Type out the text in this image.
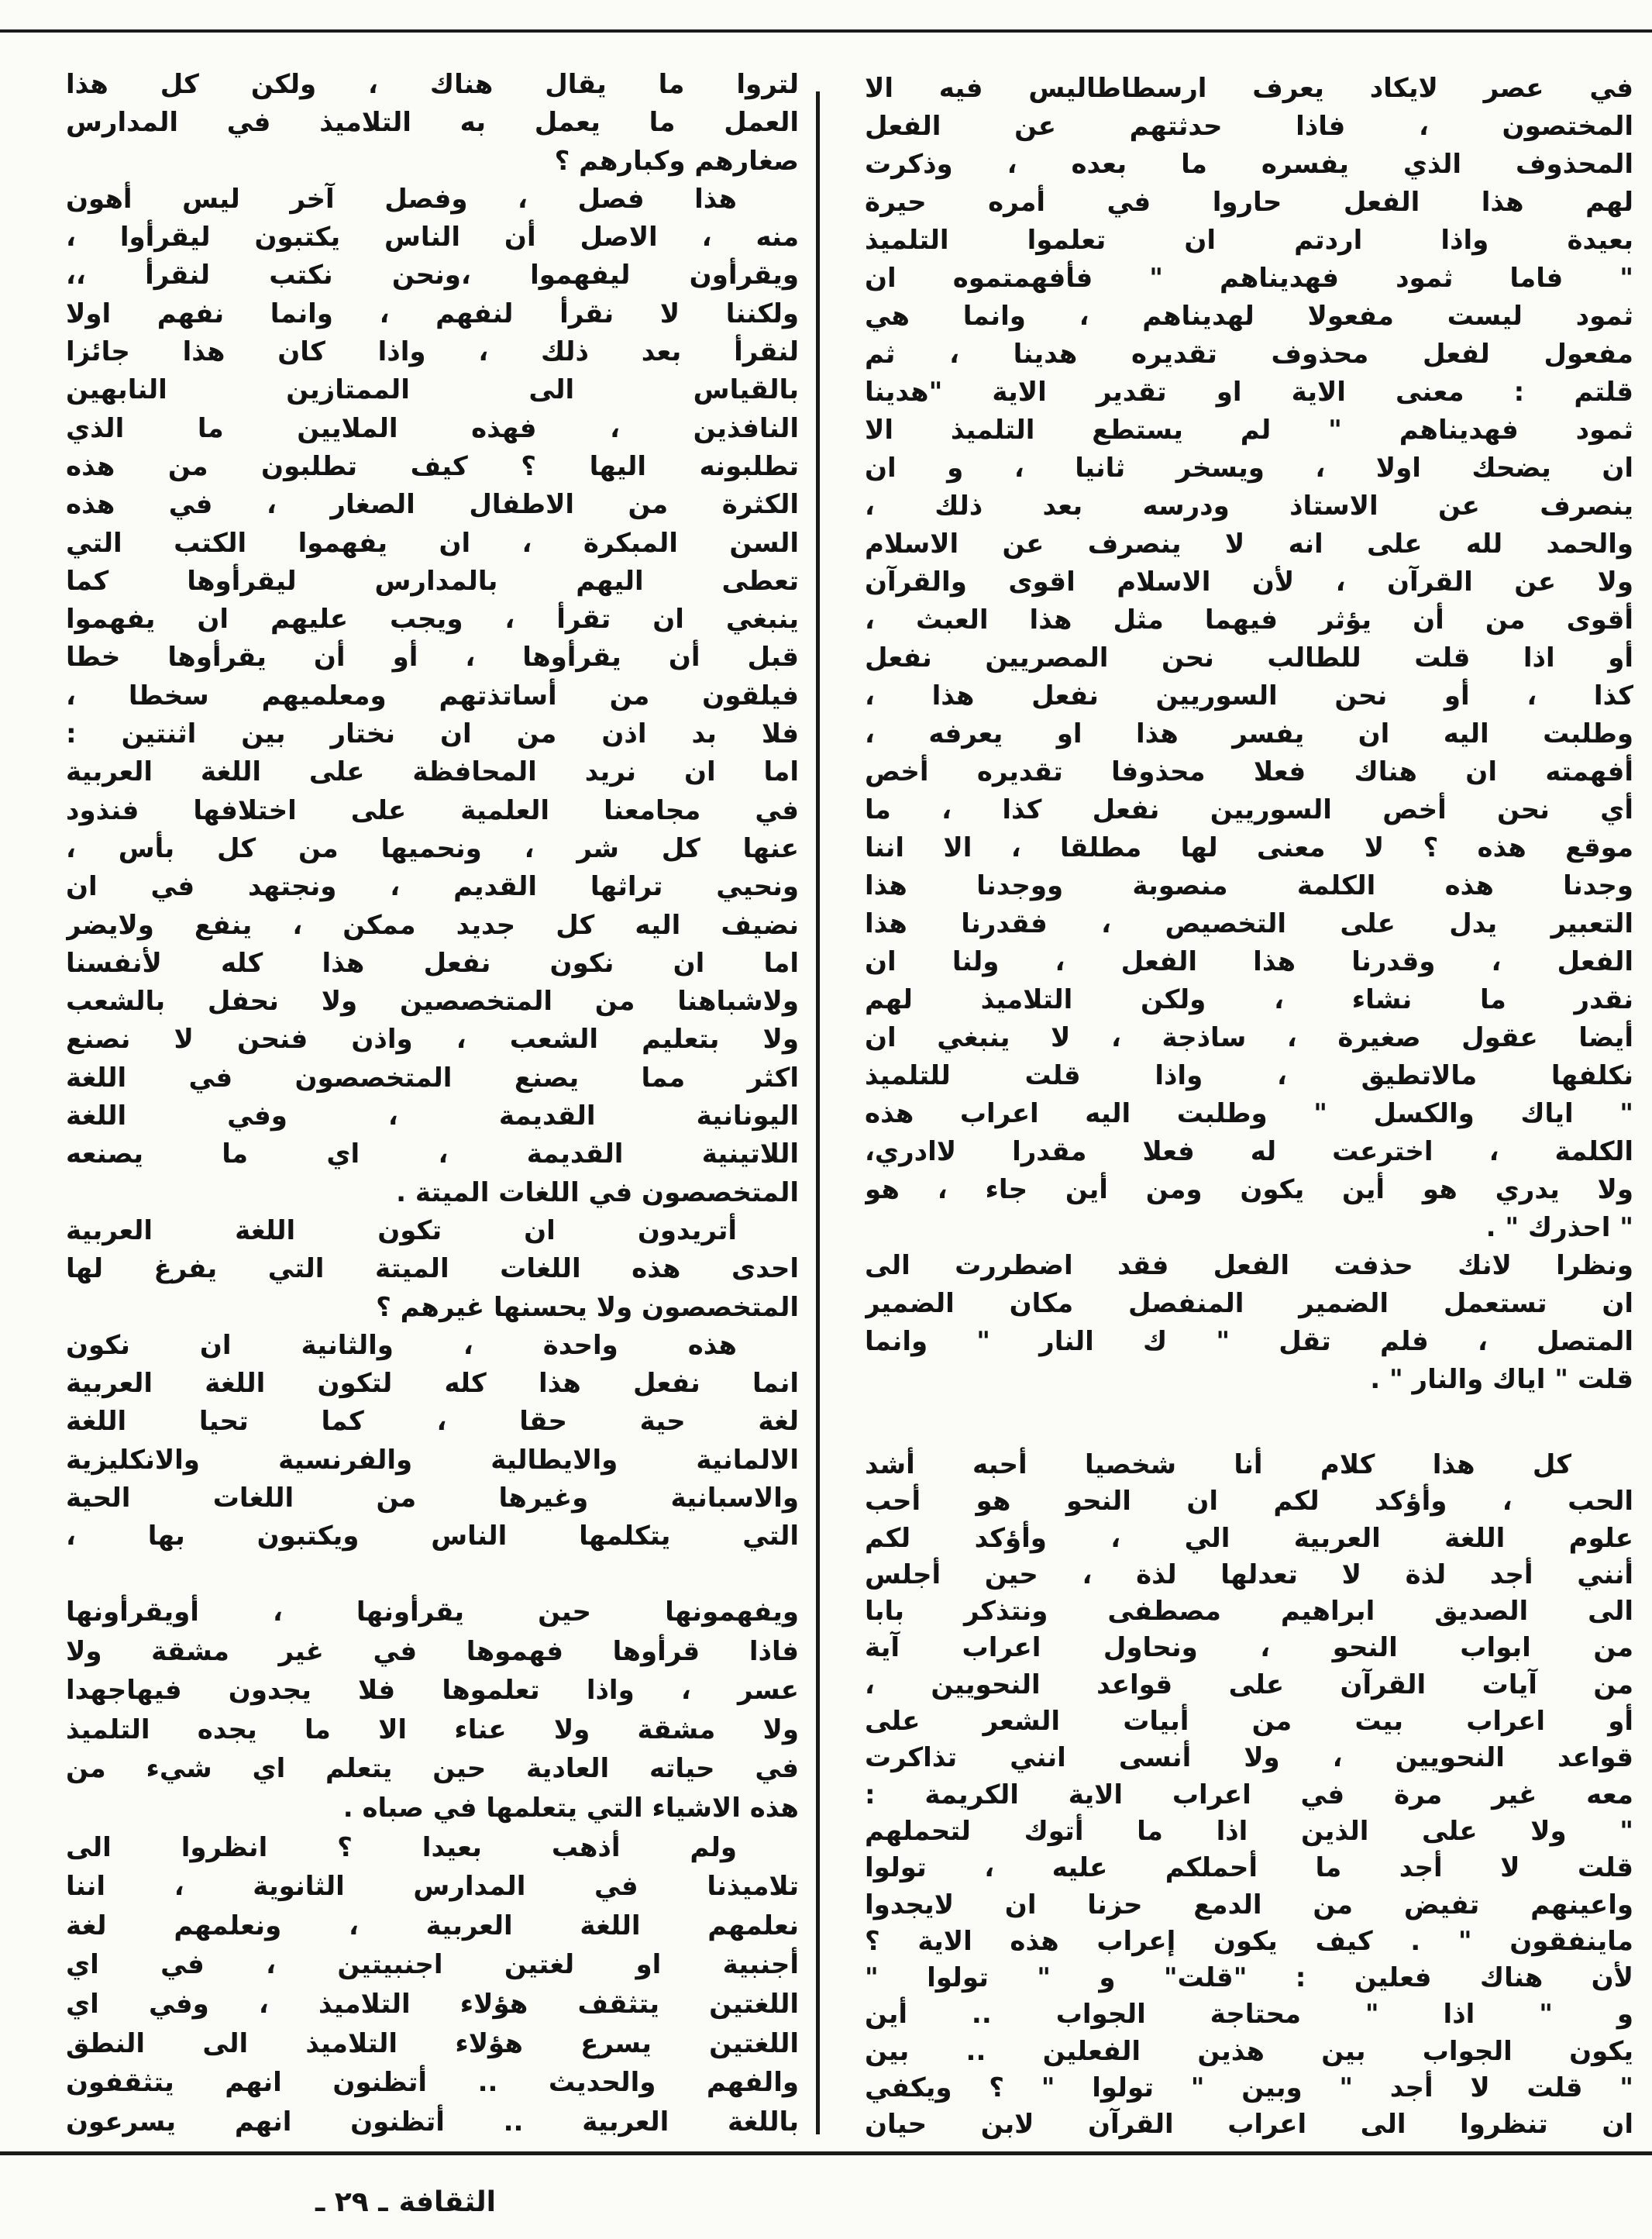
في عصر لايكاد يعرف ارسطاطاليس فيه الا
المختصون ، فاذا حدثتهم عن الفعل
المحذوف الذي يفسره ما بعده ، وذكرت
لهم هذا الفعل حاروا في أمره حيرة
بعيدة واذا اردتم ان تعلموا التلميذ
" فاما ثمود فهديناهم " فأفهمتموه ان
ثمود ليست مفعولا لهديناهم ، وانما هي
مفعول لفعل محذوف تقديره هدينا ، ثم
قلتم : معنى الاية او تقدير الاية "هدينا
ثمود فهديناهم " لم يستطع التلميذ الا
ان يضحك اولا ، ويسخر ثانيا ، و ان
ينصرف عن الاستاذ ودرسه بعد ذلك ،
والحمد لله على انه لا ينصرف عن الاسلام
ولا عن القرآن ، لأن الاسلام اقوى والقرآن
أقوى من أن يؤثر فيهما مثل هذا العبث ،
أو اذا قلت للطالب نحن المصريين نفعل
كذا ، أو نحن السوريين نفعل هذا ،
وطلبت اليه ان يفسر هذا او يعرفه ،
أفهمته ان هناك فعلا محذوفا تقديره أخص
أي نحن أخص السوريين نفعل كذا ، ما
موقع هذه ؟ لا معنى لها مطلقا ، الا اننا
وجدنا هذه الكلمة منصوبة ووجدنا هذا
التعبير يدل على التخصيص ، فقدرنا هذا
الفعل ، وقدرنا هذا الفعل ، ولنا ان
نقدر ما نشاء ، ولكن التلاميذ لهم
أيضا عقول صغيرة ، ساذجة ، لا ينبغي ان
نكلفها مالاتطيق ، واذا قلت للتلميذ
" اياك والكسل " وطلبت اليه اعراب هذه
الكلمة ، اخترعت له فعلا مقدرا لاادري،
ولا يدري هو أين يكون ومن أين جاء ، هو
" احذرك " .
ونظرا لانك حذفت الفعل فقد اضطررت الى
ان تستعمل الضمير المنفصل مكان الضمير
المتصل ، فلم تقل " ك النار " وانما
قلت " اياك والنار " .
كل هذا كلام أنا شخصيا أحبه أشد
الحب ، وأؤكد لكم ان النحو هو أحب
علوم اللغة العربية الي ، وأؤكد لكم
أنني أجد لذة لا تعدلها لذة ، حين أجلس
الى الصديق ابراهيم مصطفى ونتذكر بابا
من ابواب النحو ، ونحاول اعراب آية
من آيات القرآن على قواعد النحويين ،
أو اعراب بيت من أبيات الشعر على
قواعد النحويين ، ولا أنسى انني تذاكرت
معه غير مرة في اعراب الاية الكريمة :
" ولا على الذين اذا ما أتوك لتحملهم
قلت لا أجد ما أحملكم عليه ، تولوا
واعينهم تفيض من الدمع حزنا ان لايجدوا
ماينفقون " . كيف يكون إعراب هذه الاية ؟
لأن هناك فعلين : "قلت" و " تولوا "
و " اذا " محتاجة الجواب .. أين
يكون الجواب بين هذين الفعلين .. بين
" قلت لا أجد " وبين " تولوا " ؟ ويكفي
ان تنظروا الى اعراب القرآن لابن حيان
لتروا ما يقال هناك ، ولكن كل هذا
العمل ما يعمل به التلاميذ في المدارس
صغارهم وكبارهم ؟
هذا فصل ، وفصل آخر ليس أهون
منه ، الاصل أن الناس يكتبون ليقرأوا ،
ويقرأون ليفهموا ،ونحن نكتب لنقرأ ،،
ولكننا لا نقرأ لنفهم ، وانما نفهم اولا
لنقرأ بعد ذلك ، واذا كان هذا جائزا
بالقياس الى الممتازين النابهين
النافذين ، فهذه الملايين ما الذي
تطلبونه اليها ؟ كيف تطلبون من هذه
الكثرة من الاطفال الصغار ، في هذه
السن المبكرة ، ان يفهموا الكتب التي
تعطى اليهم بالمدارس ليقرأوها كما
ينبغي ان تقرأ ، ويجب عليهم ان يفهموا
قبل أن يقرأوها ، أو أن يقرأوها خطا
فيلقون من أساتذتهم ومعلميهم سخطا ،
فلا بد اذن من ان نختار بين اثنتين :
اما ان نريد المحافظة على اللغة العربية
في مجامعنا العلمية على اختلافها فنذود
عنها كل شر ، ونحميها من كل بأس ،
ونحيي تراثها القديم ، ونجتهد في ان
نضيف اليه كل جديد ممكن ، ينفع ولايضر
اما ان نكون نفعل هذا كله لأنفسنا
ولاشباهنا من المتخصصين ولا نحفل بالشعب
ولا بتعليم الشعب ، واذن فنحن لا نصنع
اكثر مما يصنع المتخصصون في اللغة
اليونانية القديمة ، وفي اللغة
اللاتينية القديمة ، اي ما يصنعه
المتخصصون في اللغات الميتة .
أتريدون ان تكون اللغة العربية
احدى هذه اللغات الميتة التي يفرغ لها
المتخصصون ولا يحسنها غيرهم ؟
هذه واحدة ، والثانية ان نكون
انما نفعل هذا كله لتكون اللغة العربية
لغة حية حقا ، كما تحيا اللغة
الالمانية والايطالية والفرنسية والانكليزية
والاسبانية وغيرها من اللغات الحية
التي يتكلمها الناس ويكتبون بها ،
ويفهمونها حين يقرأونها ، أويقرأونها
فاذا قرأوها فهموها في غير مشقة ولا
عسر ، واذا تعلموها فلا يجدون فيهاجهدا
ولا مشقة ولا عناء الا ما يجده التلميذ
في حياته العادية حين يتعلم اي شيء من
هذه الاشياء التي يتعلمها في صباه .
ولم أذهب بعيدا ؟ انظروا الى
تلاميذنا في المدارس الثانوية ، اننا
نعلمهم اللغة العربية ، ونعلمهم لغة
أجنبية او لغتين اجنبيتين ، في اي
اللغتين يتثقف هؤلاء التلاميذ ، وفي اي
اللغتين يسرع هؤلاء التلاميذ الى النطق
والفهم والحديث .. أتظنون انهم يتثقفون
باللغة العربية .. أتظنون انهم يسرعون
الثقافةـ ٢٩ ـ
